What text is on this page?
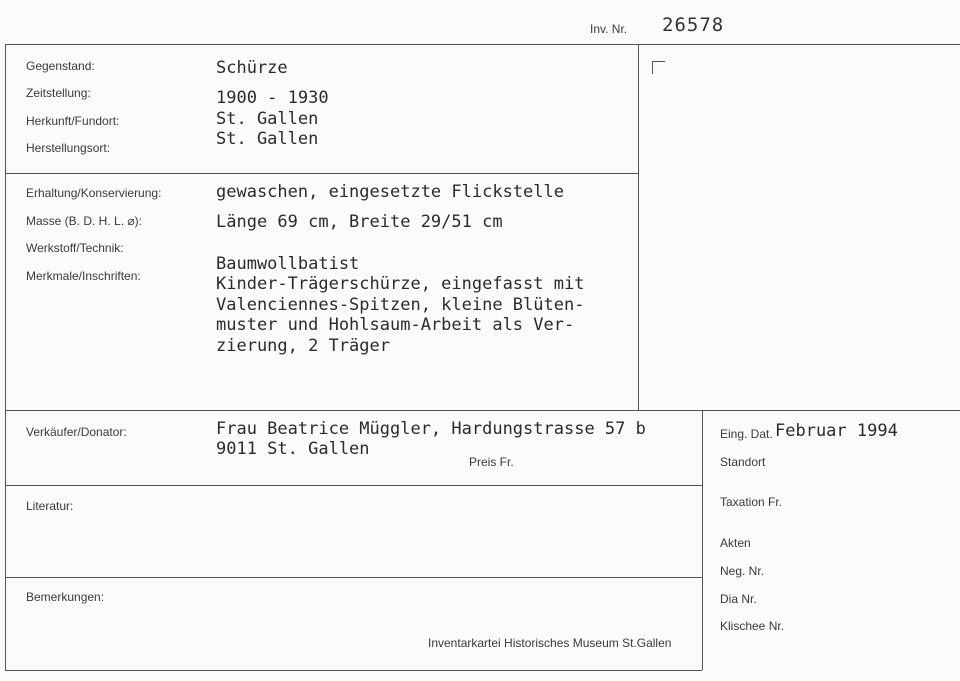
Inv. Nr. 26578
Gegenstand:
Zeitstellung:
Herkunft/Fundort:
Herstellungsort:
Schürze
1900 - 1930
St. Gallen
St. Gallen
Erhaltung/Konservierung:
Masse (B. D. H. L. ⌀):
Werkstoff/Technik:
Merkmale/Inschriften:
gewaschen, eingesetzte Flickstelle
Länge 69 cm, Breite 29/51 cm
Baumwollbatist
Kinder-Trägerschürze, eingefasst mit
Valenciennes-Spitzen, kleine Blüten-
muster und Hohlsaum-Arbeit als Ver-
zierung, 2 Träger
Verkäufer/Donator:	Frau Beatrice Müggler, Hardungstrasse 57 b
9011 St. Gallen
Preis Fr.
Literatur:
Bemerkungen:
Eing. Dat. Februar 1994
Standort
Taxation Fr.
Akten
Neg. Nr.
Dia Nr.
Klischee Nr.
Inventarkartei Historisches Museum St.Gallen
